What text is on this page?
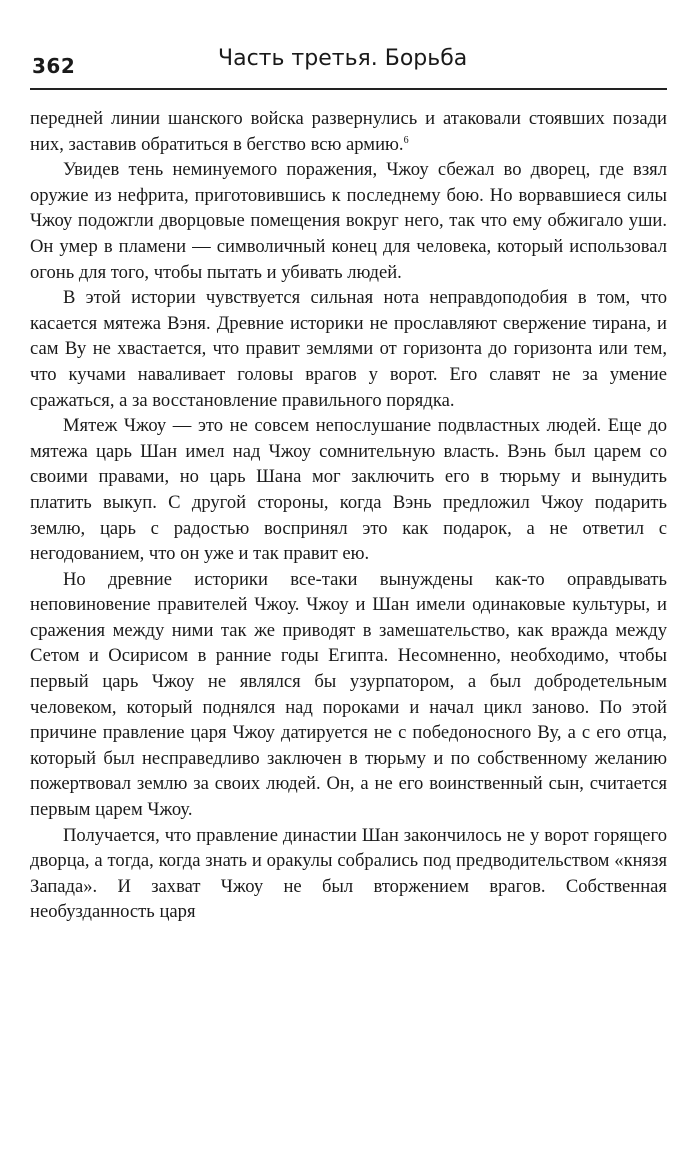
362	Часть третья. Борьба

передней линии шанского войска развернулись и атаковали стоявших позади них, заставив обратиться в бегство всю армию.$^6$

Увидев тень неминуемого поражения, Чжоу сбежал во дворец, где взял оружие из нефрита, приготовившись к последнему бою. Но ворвавшиеся силы Чжоу подожгли дворцовые помещения вокруг него, так что ему обжигало уши. Он умер в пламени — символичный конец для человека, который использовал огонь для того, чтобы пытать и убивать людей.

В этой истории чувствуется сильная нота неправдоподобия в том, что касается мятежа Вэня. Древние историки не прославляют свержение тирана, и сам Ву не хвастается, что правит землями от горизонта до горизонта или тем, что кучами наваливает головы врагов у ворот. Его славят не за умение сражаться, а за восстановление правильного порядка.

Мятеж Чжоу — это не совсем непослушание подвластных людей. Еще до мятежа царь Шан имел над Чжоу сомнительную власть. Вэнь был царем со своими правами, но царь Шана мог заключить его в тюрьму и вынудить платить выкуп. С другой стороны, когда Вэнь предложил Чжоу подарить землю, царь с радостью воспринял это как подарок, а не ответил с негодованием, что он уже и так правит ею.

Но древние историки все-таки вынуждены как-то оправдывать неповиновение правителей Чжоу. Чжоу и Шан имели одинаковые культуры, и сражения между ними так же приводят в замешательство, как вражда между Сетом и Осирисом в ранние годы Египта. Несомненно, необходимо, чтобы первый царь Чжоу не являлся бы узурпатором, а был добродетельным человеком, который поднялся над пороками и начал цикл заново. По этой причине правление царя Чжоу датируется не с победоносного Ву, а с его отца, который был несправедливо заключен в тюрьму и по собственному желанию пожертвовал землю за своих людей. Он, а не его воинственный сын, считается первым царем Чжоу.

Получается, что правление династии Шан закончилось не у ворот горящего дворца, а тогда, когда знать и оракулы собрались под предводительством «князя Запада». И захват Чжоу не был вторжением врагов. Собственная необузданность царя
